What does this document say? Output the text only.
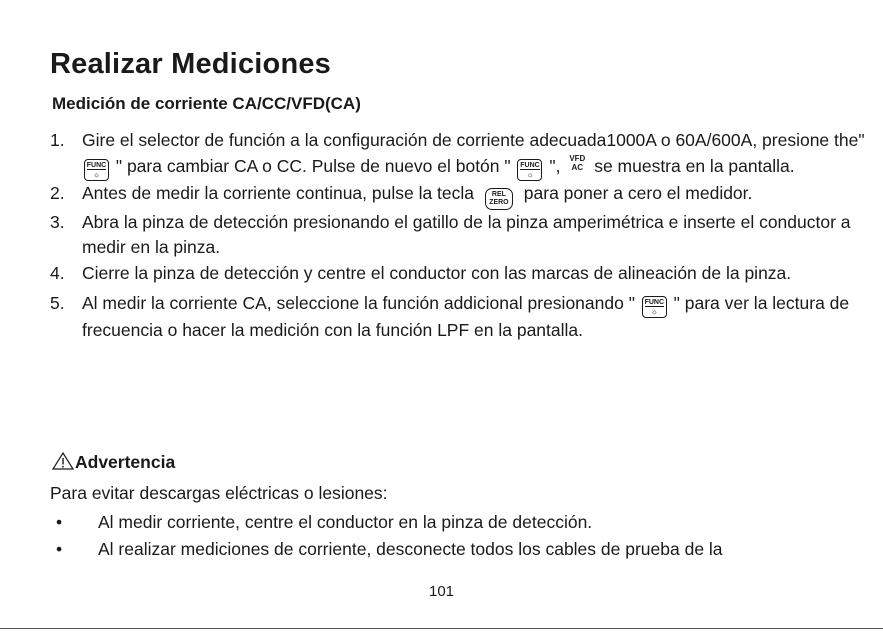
Realizar Mediciones
Medición de corriente CA/CC/VFD(CA)

1. Gire el selector de función a la configuración de corriente adecuada1000A o 60A/600A, presione the"
FUNC
☼ " para cambiar CA o CC. Pulse de nuevo el botón " FUNC
☼ ", VFD
AC se muestra en la pantalla.

2. Antes de medir la corriente continua, pulse la tecla	REL
ZERO para poner a cero el medidor.

3. Abra la pinza de detección presionando el gatillo de la pinza amperimétrica e inserte el conductor a medir en la pinza.

4. Cierre la pinza de detección y centre el conductor con las marcas de alineación de la pinza.

5. Al medir la corriente CA, seleccione la función addicional presionando " FUNC
☼ " para ver la lectura de frecuencia o hacer la medición con la función LPF en la pantalla.

Advertencia
Para evitar descargas eléctricas o lesiones:
• Al medir corriente, centre el conductor en la pinza de detección.
• Al realizar mediciones de corriente, desconecte todos los cables de prueba de la
101
